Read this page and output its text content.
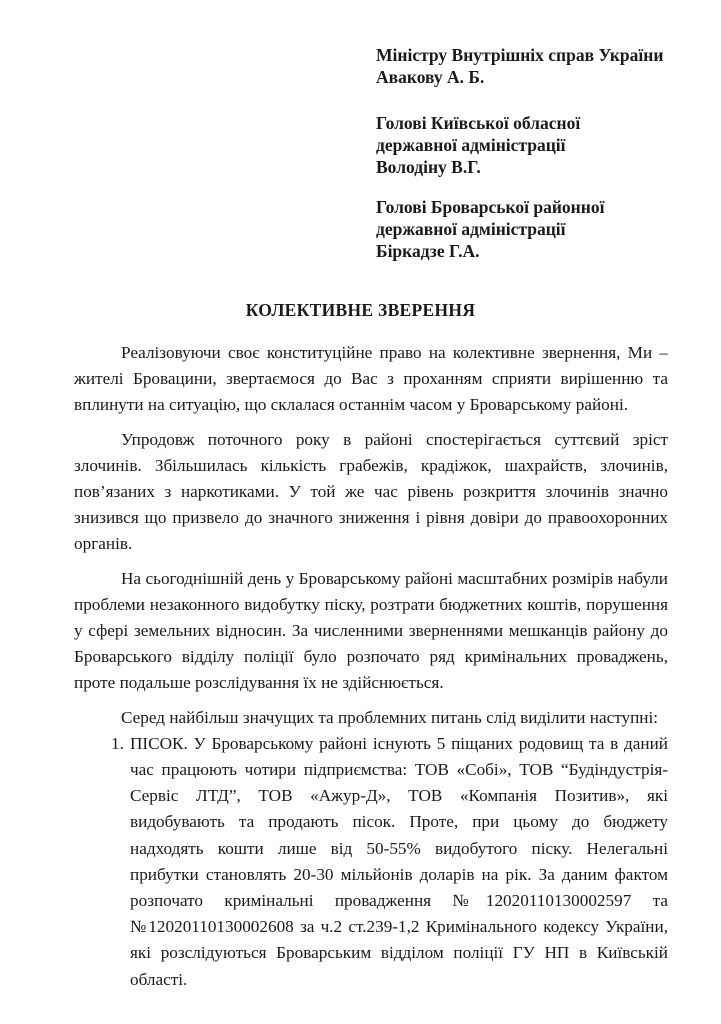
Міністру Внутрішніх справ України
Авакову А. Б.
Голові Київської обласної
державної адміністрації
Володіну В.Г.
Голові Броварської районної
державної адміністрації
Біркадзе Г.А.
КОЛЕКТИВНЕ ЗВЕРЕННЯ

Реалізовуючи своє конституційне право на колективне звернення, Ми – жителі Бровацини, звертаємося до Вас з проханням сприяти вирішенню та вплинути на ситуацію, що склалася останнім часом у Броварському районі.

Упродовж поточного року в районі спостерігається суттєвий зріст злочинів. Збільшилась кількість грабежів, крадіжок, шахрайств, злочинів, пов’язаних з наркотиками. У той же час рівень розкриття злочинів значно знизився що призвело до значного зниження і рівня довіри до правоохоронних органів.

На сьогоднішній день у Броварському районі масштабних розмірів набули проблеми незаконного видобутку піску, розтрати бюджетних коштів, порушення у сфері земельних відносин. За численними зверненнями мешканців району до Броварського відділу поліції було розпочато ряд кримінальних проваджень, проте подальше розслідування їх не здійснюється.

Серед найбільш значущих та проблемних питань слід виділити наступні:

1. ПІСОК. У Броварському районі існують 5 піщаних родовищ та в даний час працюють чотири підприємства: ТОВ «Собі», ТОВ “Будіндустрія-Сервіс ЛТД”, ТОВ «Ажур-Д», ТОВ «Компанія Позитив», які видобувають та продають пісок. Проте, при цьому до бюджету надходять кошти лише від 50-55% видобутого піску. Нелегальні прибутки становлять 20-30 мільйонів доларів на рік. За даним фактом розпочато кримінальні провадження №12020110130002597 та №12020110130002608 за ч.2 ст.239-1,2 Кримінального кодексу України, які розслідуються Броварським відділом поліції ГУ НП в Київській області.
